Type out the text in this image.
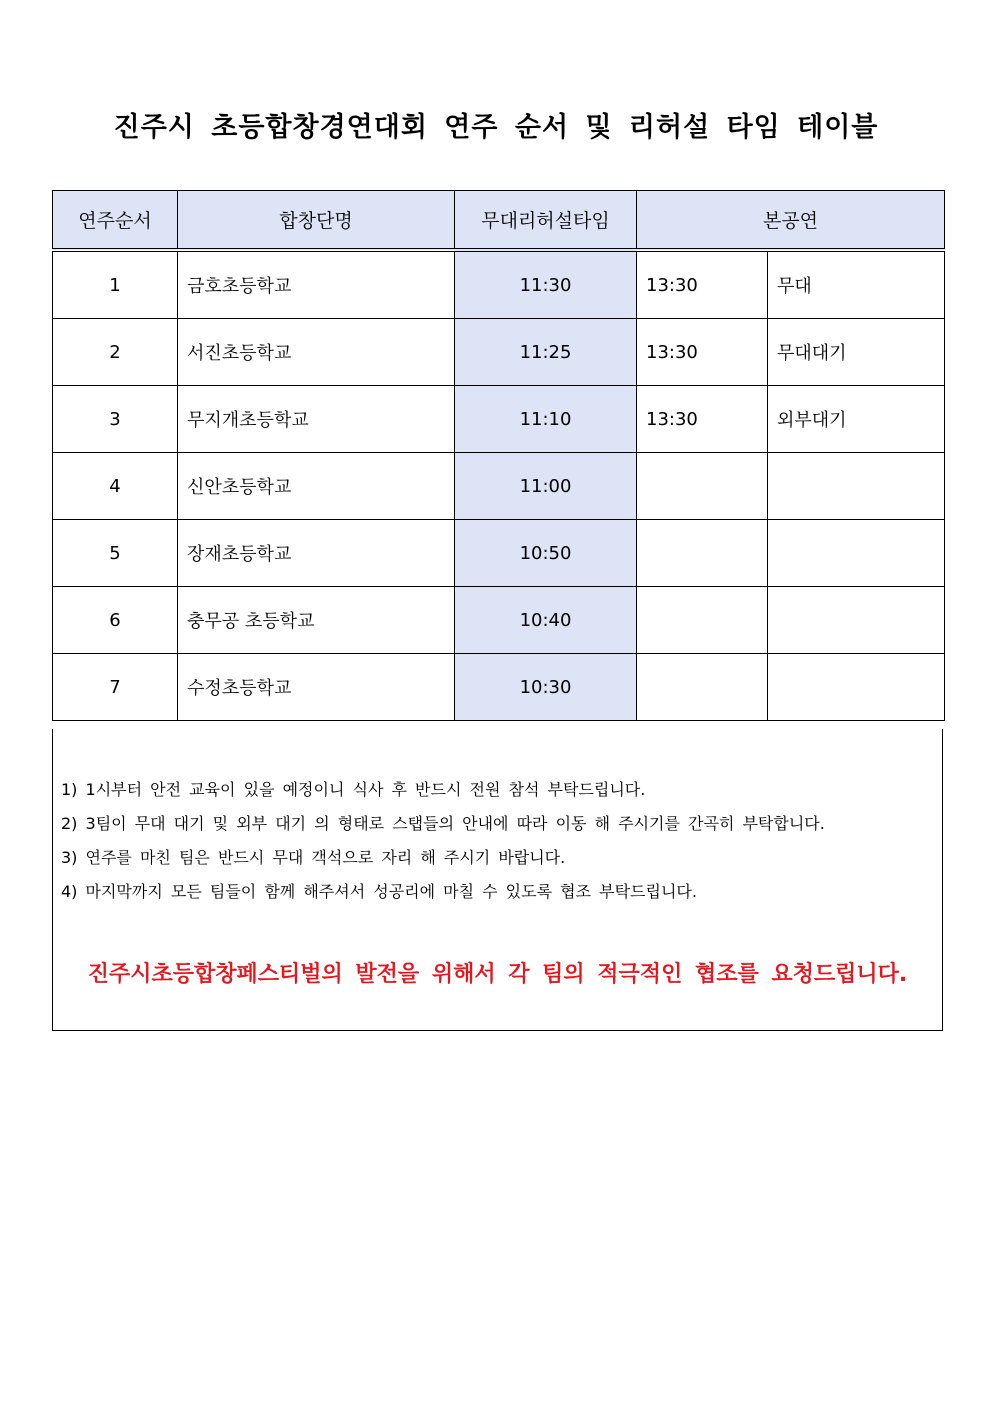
진주시 초등합창경연대회 연주 순서 및 리허설 타임 테이블
연주순서	합창단명	무대리허설타임	본공연	
1	금호초등학교	11:30	13:30	무대
2	서진초등학교	11:25	13:30	무대대기
3	무지개초등학교	11:10	13:30	외부대기
4	신안초등학교	11:00		
5	장재초등학교	10:50		
6	충무공 초등학교	10:40		
7	수정초등학교	10:30		
1) 1시부터 안전 교육이 있을 예정이니 식사 후 반드시 전원 참석 부탁드립니다.
2) 3팀이 무대 대기 및 외부 대기 의 형태로 스탭들의 안내에 따라 이동 해 주시기를 간곡히 부탁합니다.
3) 연주를 마친 팀은 반드시 무대 객석으로 자리 해 주시기 바랍니다.
4) 마지막까지 모든 팀들이 함께 해주셔서 성공리에 마칠 수 있도록 협조 부탁드립니다.
진주시초등합창페스티벌의 발전을 위해서 각 팀의 적극적인 협조를 요청드립니다.
